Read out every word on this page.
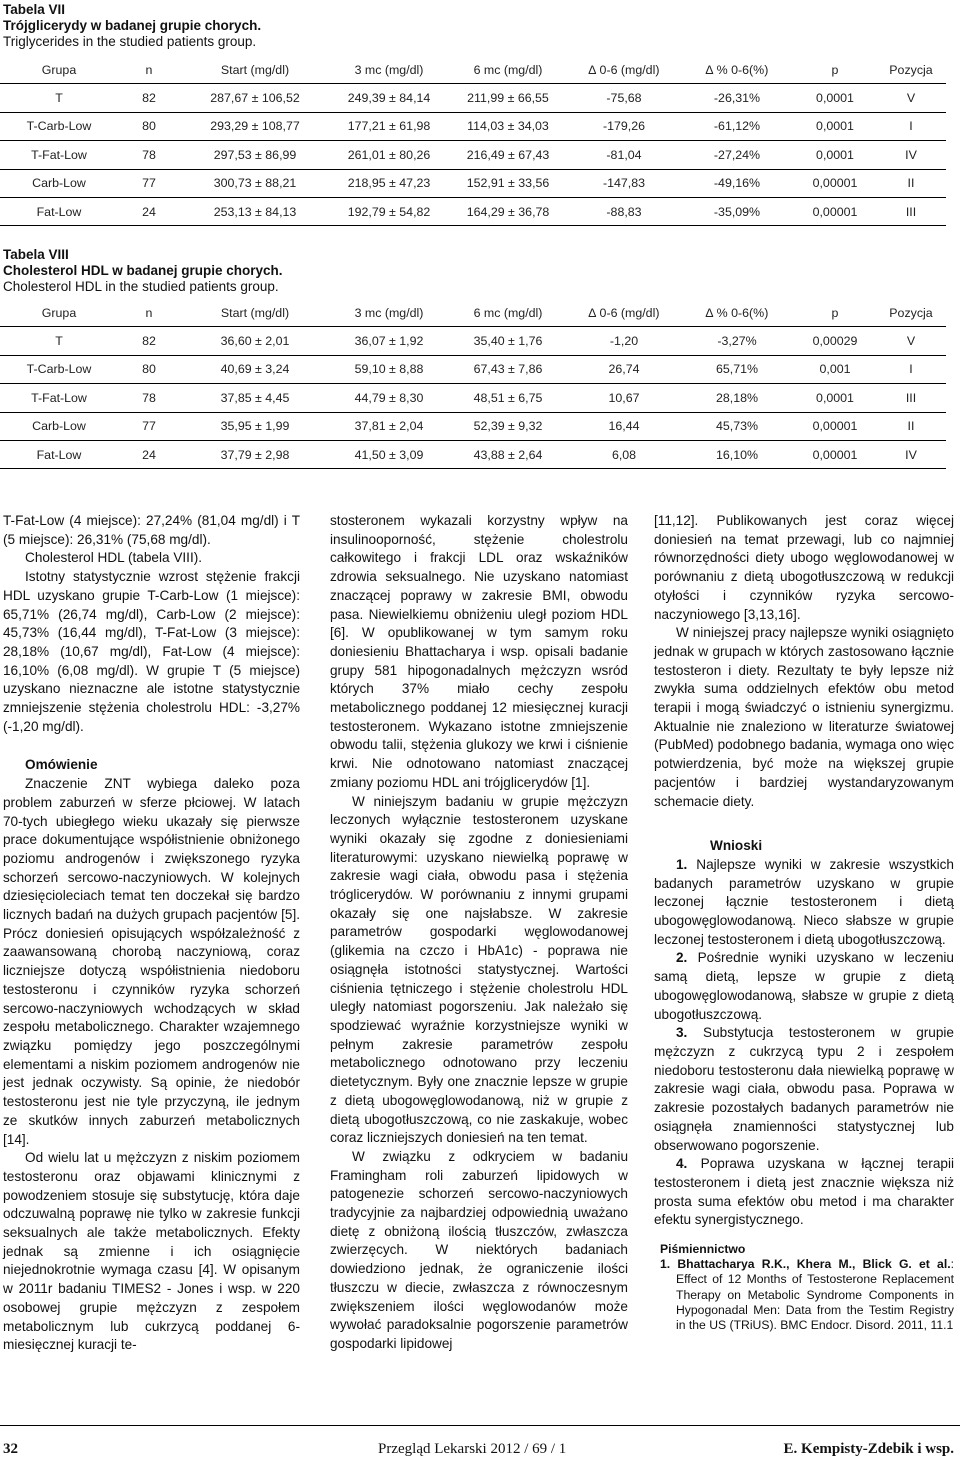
Tabela VII
Trójglicerydy w badanej grupie chorych.
Triglycerides in the studied patients group.
Grupa	n	Start (mg/dl)	3 mc (mg/dl)	6 mc (mg/dl)	∆ 0-6 (mg/dl)	∆ % 0-6(%)	p	Pozycja
T	82	287,67 ± 106,52	249,39 ± 84,14	211,99 ± 66,55	-75,68	-26,31%	0,0001	V
T-Carb-Low	80	293,29 ± 108,77	177,21 ± 61,98	114,03 ± 34,03	-179,26	-61,12%	0,0001	I
T-Fat-Low	78	297,53 ± 86,99	261,01 ± 80,26	216,49 ± 67,43	-81,04	-27,24%	0,0001	IV
Carb-Low	77	300,73 ± 88,21	218,95 ± 47,23	152,91 ± 33,56	-147,83	-49,16%	0,00001	II
Fat-Low	24	253,13 ± 84,13	192,79 ± 54,82	164,29 ± 36,78	-88,83	-35,09%	0,00001	III
Tabela VIII
Cholesterol HDL w badanej grupie chorych.
Cholesterol HDL in the studied patients group.
Grupa	n	Start (mg/dl)	3 mc (mg/dl)	6 mc (mg/dl)	∆ 0-6 (mg/dl)	∆ % 0-6(%)	p	Pozycja
T	82	36,60 ± 2,01	36,07 ± 1,92	35,40 ± 1,76	-1,20	-3,27%	0,00029	V
T-Carb-Low	80	40,69 ± 3,24	59,10 ± 8,88	67,43 ± 7,86	26,74	65,71%	0,001	I
T-Fat-Low	78	37,85 ± 4,45	44,79 ± 8,30	48,51 ± 6,75	10,67	28,18%	0,0001	III
Carb-Low	77	35,95 ± 1,99	37,81 ± 2,04	52,39 ± 9,32	16,44	45,73%	0,00001	II
Fat-Low	24	37,79 ± 2,98	41,50 ± 3,09	43,88 ± 2,64	6,08	16,10%	0,00001	IV

T-Fat-Low (4 miejsce): 27,24% (81,04 mg/dl) i T (5 miejsce): 26,31% (75,68 mg/dl).

Cholesterol HDL (tabela VIII).

Istotny statystycznie wzrost stężenie frakcji HDL uzyskano grupie T-Carb-Low (1 miejsce): 65,71% (26,74 mg/dl), Carb-Low (2 miejsce): 45,73% (16,44 mg/dl), T-Fat-Low (3 miejsce): 28,18% (10,67 mg/dl), Fat-Low (4 miejsce): 16,10% (6,08 mg/dl). W grupie T (5 miejsce) uzyskano nieznaczne ale istotne statystycznie zmniejszenie stężenia cholestrolu HDL: -3,27% (-1,20 mg/dl).

Omówienie

Znaczenie ZNT wybiega daleko poza problem zaburzeń w sferze płciowej. W latach 70-tych ubiegłego wieku ukazały się pierwsze prace dokumentujące współistnienie obniżonego poziomu androgenów i zwiększonego ryzyka schorzeń sercowo-naczyniowych. W kolejnych dziesięcioleciach temat ten doczekał się bardzo licznych badań na dużych grupach pacjentów [5]. Prócz doniesień opisujących współzależność z zaawansowaną chorobą naczyniową, coraz liczniejsze dotyczą współistnienia niedoboru testosteronu i czynników ryzyka schorzeń sercowo-naczyniowych wchodzących w skład zespołu metabolicznego. Charakter wzajemnego związku pomiędzy jego poszczególnymi elementami a niskim poziomem androgenów nie jest jednak oczywisty. Są opinie, że niedobór testosteronu jest nie tyle przyczyną, ile jednym ze skutków innych zaburzeń metabolicznych [14].

Od wielu lat u mężczyzn z niskim poziomem testosteronu oraz objawami klinicznymi z powodzeniem stosuje się substytucję, która daje odczuwalną poprawę nie tylko w zakresie funkcji seksualnych ale także metabolicznych. Efekty jednak są zmienne i ich osiągnięcie niejednokrotnie wymaga czasu [4]. W opisanym w 2011r badaniu TIMES2 - Jones i wsp. w 220 osobowej grupie mężczyzn z zespołem metabolicznym lub cukrzycą poddanej 6-miesięcznej kuracji te-

stosteronem wykazali korzystny wpływ na insulinooporność, stężenie cholestrolu całkowitego i frakcji LDL oraz wskaźników zdrowia seksualnego. Nie uzyskano natomiast znaczącej poprawy w zakresie BMI, obwodu pasa. Niewielkiemu obniżeniu uległ poziom HDL [6]. W opublikowanej w tym samym roku doniesieniu Bhattacharya i wsp. opisali badanie grupy 581 hipogonadalnych mężczyzn wsród których 37% miało cechy zespołu metabolicznego poddanej 12 miesięcznej kuracji testosteronem. Wykazano istotne zmniejszenie obwodu talii, stężenia glukozy we krwi i ciśnienie krwi. Nie odnotowano natomiast znaczącej zmiany poziomu HDL ani trójglicerydów [1].

W niniejszym badaniu w grupie mężczyzn leczonych wyłącznie testosteronem uzyskane wyniki okazały się zgodne z doniesieniami literaturowymi: uzyskano niewielką poprawę w zakresie wagi ciała, obwodu pasa i stężenia tróglicerydów. W porównaniu z innymi grupami okazały się one najsłabsze. W zakresie parametrów gospodarki węglowodanowej (glikemia na czczo i HbA1c) - poprawa nie osiągnęła istotności statystycznej. Wartości ciśnienia tętniczego i stężenie cholestrolu HDL uległy natomiast pogorszeniu. Jak należało się spodziewać wyraźnie korzystniejsze wyniki w pełnym zakresie parametrów zespołu metabolicznego odnotowano przy leczeniu dietetycznym. Były one znacznie lepsze w grupie z dietą ubogowęglowodanową, niż w grupie z dietą ubogotłuszczową, co nie zaskakuje, wobec coraz liczniejszych doniesień na ten temat.

W związku z odkryciem w badaniu Framingham roli zaburzeń lipidowych w patogenezie schorzeń sercowo-naczyniowych tradycyjnie za najbardziej odpowiednią uważano dietę z obniżoną ilością tłuszczów, zwłaszcza zwierzęcych. W niektórych badaniach dowiedziono jednak, że ograniczenie ilości tłuszczu w diecie, zwłaszcza z równoczesnym zwiększeniem ilości węglowodanów może wywołać paradoksalnie pogorszenie parametrów gospodarki lipidowej

[11,12]. Publikowanych jest coraz więcej doniesień na temat przewagi, lub co najmniej równorzędności diety ubogo węglowodanowej w porównaniu z dietą ubogotłuszczową w redukcji otyłości i czynników ryzyka sercowo-naczyniowego [3,13,16].

W niniejszej pracy najlepsze wyniki osiągnięto jednak w grupach w których zastosowano łącznie testosteron i diety. Rezultaty te były lepsze niż zwykła suma oddzielnych efektów obu metod terapii i mogą świadczyć o istnieniu synergizmu. Aktualnie nie znaleziono w literaturze światowej (PubMed) podobnego badania, wymaga ono więc potwierdzenia, być może na większej grupie pacjentów i bardziej wystandaryzowanym schemacie diety.

Wnioski

1. Najlepsze wyniki w zakresie wszystkich badanych parametrów uzyskano w grupie leczonej łącznie testosteronem i dietą ubogowęglowodanową. Nieco słabsze w grupie leczonej testosteronem i dietą ubogotłuszczową.

2. Pośrednie wyniki uzyskano w leczeniu samą dietą, lepsze w grupie z dietą ubogowęglowodanową, słabsze w grupie z dietą ubogotłuszczową.

3. Substytucja testosteronem w grupie mężczyzn z cukrzycą typu 2 i zespołem niedoboru testosteronu dała niewielką poprawę w zakresie wagi ciała, obwodu pasa. Poprawa w zakresie pozostałych badanych parametrów nie osiągnęła znamienności statystycznej lub obserwowano pogorszenie.

4. Poprawa uzyskana w łącznej terapii testosteronem i dietą jest znacznie większa niż prosta suma efektów obu metod i ma charakter efektu synergistycznego.

Piśmiennictwo

1. Bhattacharya R.K., Khera M., Blick G. et al.: Effect of 12 Months of Testosterone Replacement Therapy on Metabolic Syndrome Components in Hypogonadal Men: Data from the Testim Registry in the US (TRiUS). BMC Endocr. Disord. 2011, 11.1

32	Przegląd Lekarski 2012 / 69 / 1	E. Kempisty-Zdebik i wsp.
